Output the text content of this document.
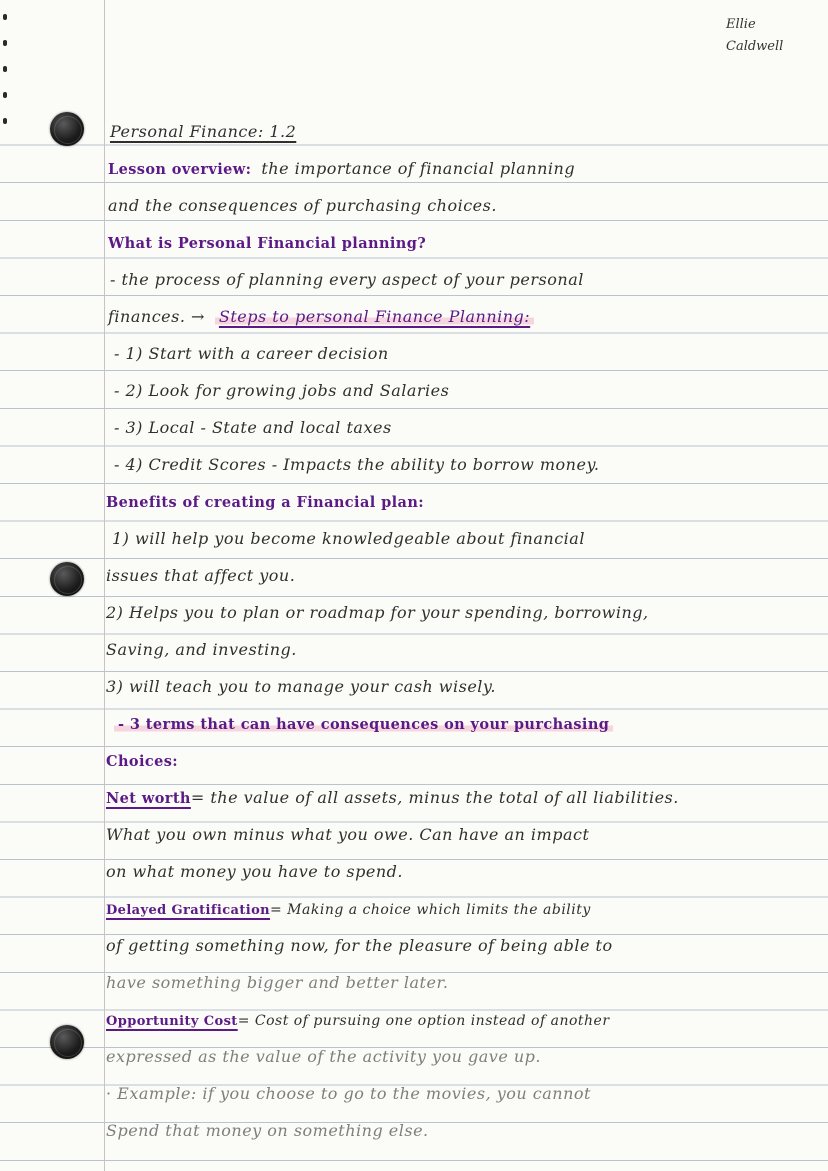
Ellie
Caldwell
Personal Finance: 1.2
Lesson overview: the importance of financial planning
and the consequences of purchasing choices.
What is Personal Financial planning?
- the process of planning every aspect of your personal
finances. → Steps to personal Finance Planning:
- 1) Start with a career decision
- 2) Look for growing jobs and Salaries
- 3) Local - State and local taxes
- 4) Credit Scores - Impacts the ability to borrow money.
Benefits of creating a Financial plan:
1) will help you become knowledgeable about financial
issues that affect you.
2) Helps you to plan or roadmap for your spending, borrowing,
Saving, and investing.
3) will teach you to manage your cash wisely.
- 3 terms that can have consequences on your purchasing
Choices:
Net worth = the value of all assets, minus the total of all liabilities.
What you own minus what you owe. Can have an impact
on what money you have to spend.
Delayed Gratification = Making a choice which limits the ability
of getting something now, for the pleasure of being able to
have something bigger and better later.
Opportunity Cost = Cost of pursuing one option instead of another
expressed as the value of the activity you gave up.
· Example: if you choose to go to the movies, you cannot
Spend that money on something else.
